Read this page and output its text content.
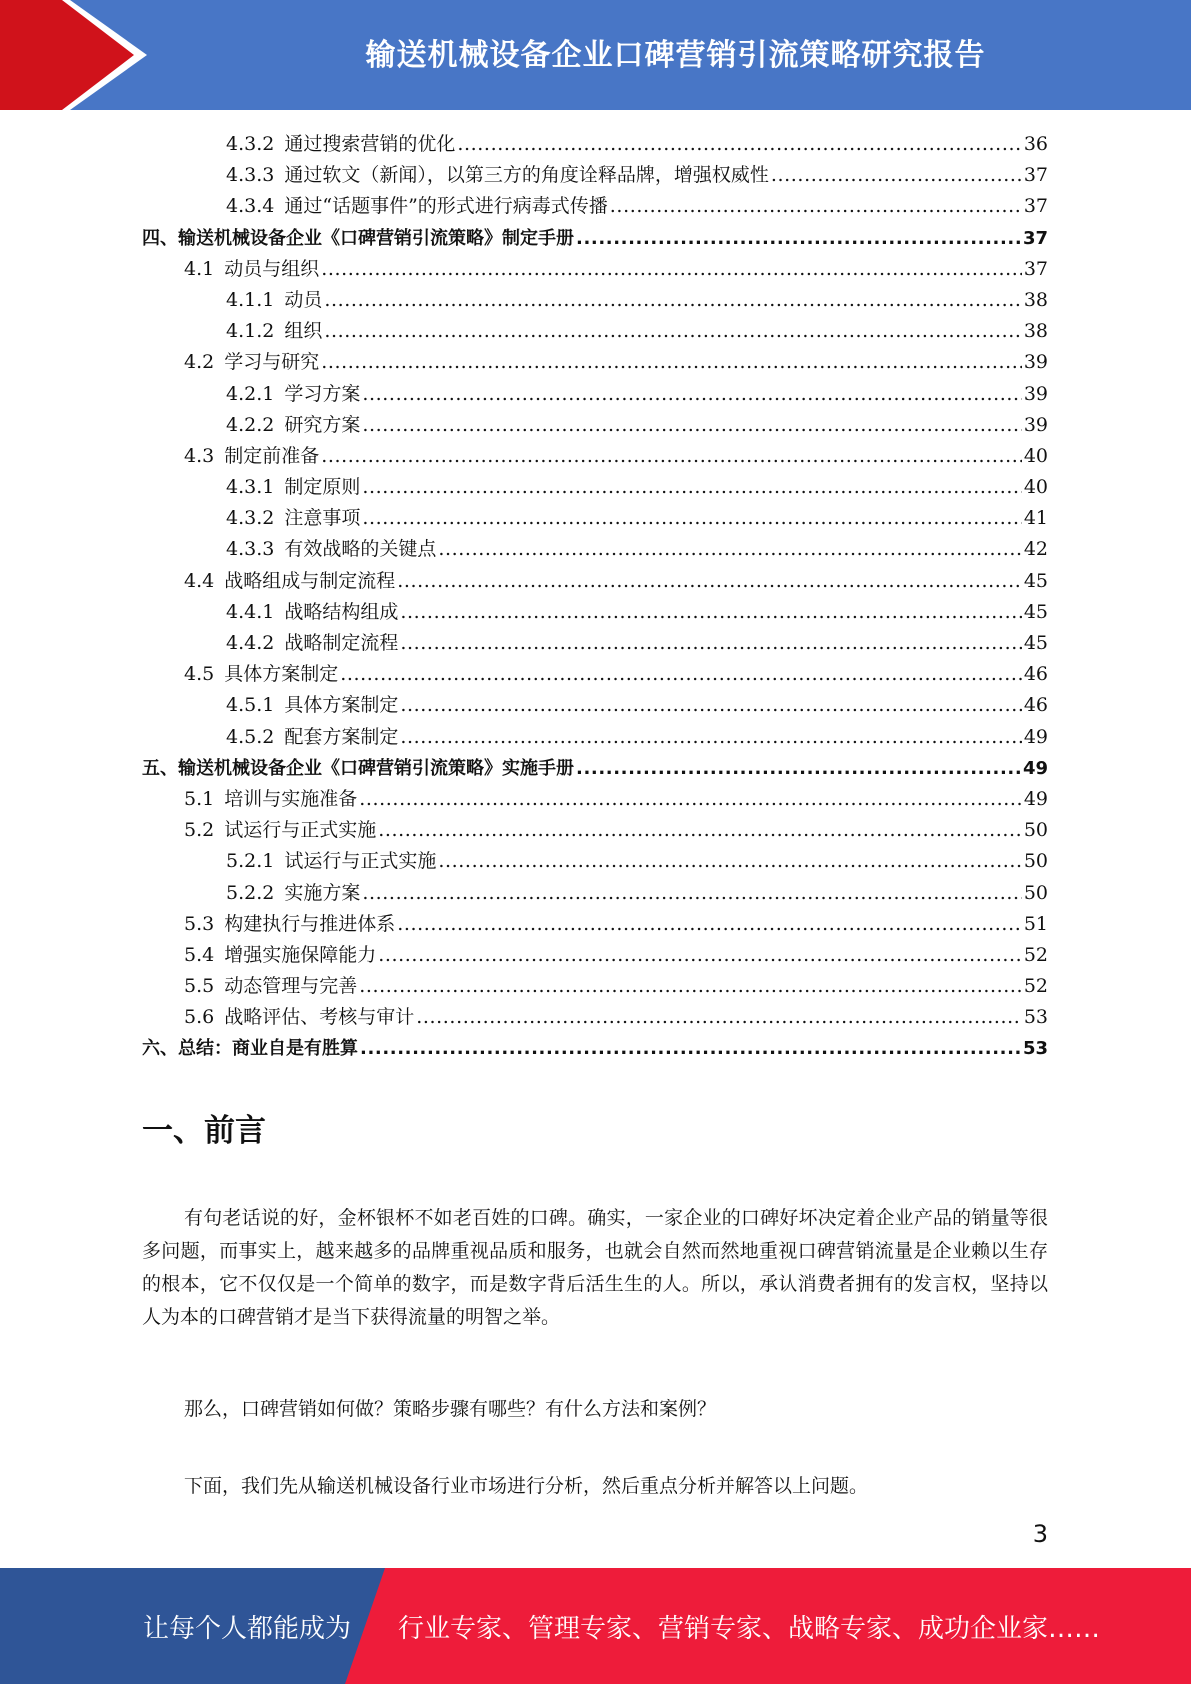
输送机械设备企业口碑营销引流策略研究报告
4.3.2 通过搜索营销的优化 .....	36
4.3.3 通过软文（新闻），以第三方的角度诠释品牌，增强权威性 .....	37
4.3.4 通过“话题事件”的形式进行病毒式传播 .....	37
四、输送机械设备企业《口碑营销引流策略》制定手册 .....	37
4.1 动员与组织 .....	37
4.1.1 动员 .....	38
4.1.2 组织 .....	38
4.2 学习与研究 .....	39
4.2.1 学习方案 .....	39
4.2.2 研究方案 .....	39
4.3 制定前准备 .....	40
4.3.1 制定原则 .....	40
4.3.2 注意事项 .....	41
4.3.3 有效战略的关键点 .....	42
4.4 战略组成与制定流程 .....	45
4.4.1 战略结构组成 .....	45
4.4.2 战略制定流程 .....	45
4.5 具体方案制定 .....	46
4.5.1 具体方案制定 .....	46
4.5.2 配套方案制定 .....	49
五、输送机械设备企业《口碑营销引流策略》实施手册 .....	49
5.1 培训与实施准备 .....	49
5.2 试运行与正式实施 .....	50
5.2.1 试运行与正式实施 .....	50
5.2.2 实施方案 .....	50
5.3 构建执行与推进体系 .....	51
5.4 增强实施保障能力 .....	52
5.5 动态管理与完善 .....	52
5.6 战略评估、考核与审计 .....	53
六、总结：商业自是有胜算 .....	53
一、前言

有句老话说的好，金杯银杯不如老百姓的口碑。确实，一家企业的口碑好坏决定着企业产品的销量等很多问题，而事实上，越来越多的品牌重视品质和服务，也就会自然而然地重视口碑营销流量是企业赖以生存的根本，它不仅仅是一个简单的数字，而是数字背后活生生的人。所以，承认消费者拥有的发言权，坚持以人为本的口碑营销才是当下获得流量的明智之举。

那么，口碑营销如何做？策略步骤有哪些？有什么方法和案例？

下面，我们先从输送机械设备行业市场进行分析，然后重点分析并解答以上问题。

3
让每个人都能成为 行业专家、管理专家、营销专家、战略专家、成功企业家……
